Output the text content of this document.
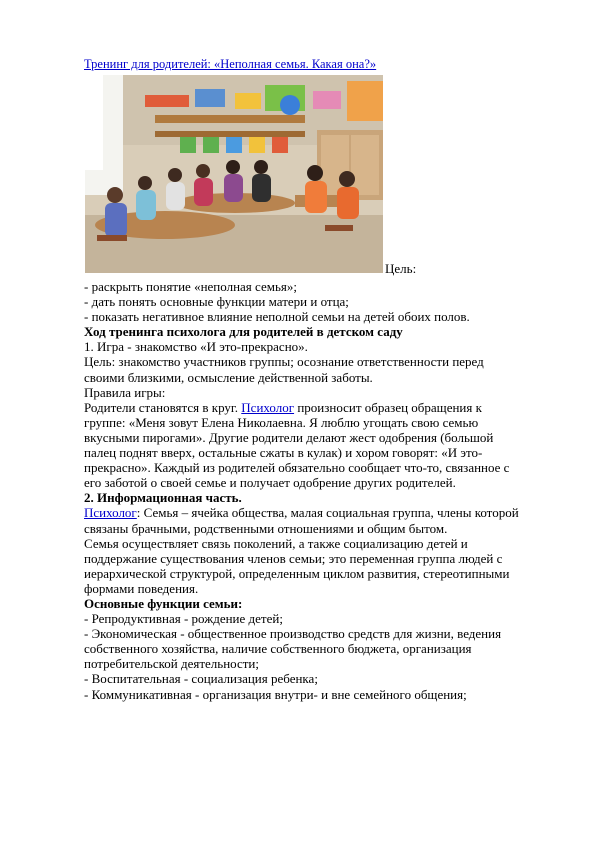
Тренинг для родителей: «Неполная семья. Какая она?»
Цель:

- раскрыть понятие «неполная семья»;

- дать понять основные функции матери и отца;

- показать негативное влияние неполной семьи на детей обоих полов.

Ход тренинга психолога для родителей в детском саду

1. Игра - знакомство «И это-прекрасно».

Цель: знакомство участников группы; осознание ответственности перед

своими близкими, осмысление действенной заботы.

Правила игры:

Родители становятся в круг. Психолог произносит образец обращения к

группе: «Меня зовут Елена Николаевна. Я люблю угощать свою семью

вкусными пирогами». Другие родители делают жест одобрения (большой

палец поднят вверх, остальные сжаты в кулак) и хором говорят: «И это-

прекрасно». Каждый из родителей обязательно сообщает что-то, связанное с

его заботой о своей семье и получает одобрение других родителей.

2. Информационная часть.

Психолог: Семья – ячейка общества, малая социальная группа, члены которой

связаны брачными, родственными отношениями и общим бытом.

Семья осуществляет связь поколений, а также социализацию детей и

поддержание существования членов семьи; это переменная группа людей с

иерархической структурой, определенным циклом развития, стереотипными

формами поведения.

Основные функции семьи:

- Репродуктивная - рождение детей;

- Экономическая - общественное производство средств для жизни, ведения

собственного хозяйства, наличие собственного бюджета, организация

потребительской деятельности;

- Воспитательная - социализация ребенка;

- Коммуникативная - организация внутри- и вне семейного общения;
